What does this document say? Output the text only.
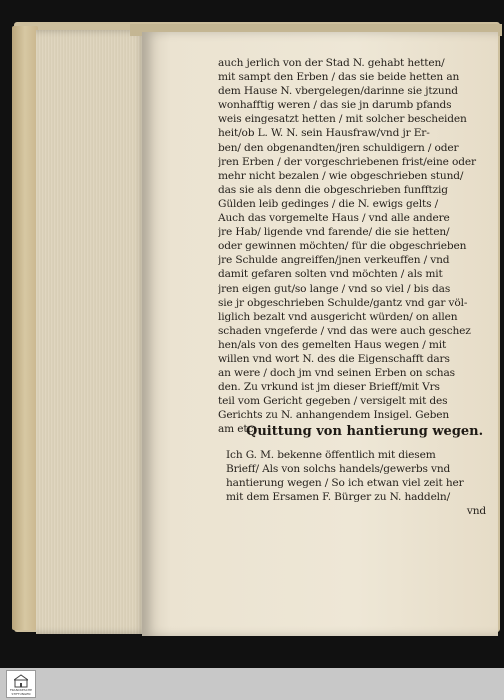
auch jerlich von der Stad N. gehabt hetten/
mit sampt den Erben / das sie beide hetten an
dem Hause N. vbergelegen/darinne sie jtzund
wonhafftig weren / das sie jn darumb pfands
weis eingesatzt hetten / mit solcher bescheiden
heit/ob L. W. N. sein Hausfraw/vnd jr Er-
ben/ den obgenandten/jren schuldigern / oder
jren Erben / der vorgeschriebenen frist/eine oder
mehr nicht bezalen / wie obgeschrieben stund/
das sie als denn die obgeschrieben funfftzig
Gülden leib gedinges / die N. ewigs gelts /
Auch das vorgemelte Haus / vnd alle andere
jre Hab/ ligende vnd farende/ die sie hetten/
oder gewinnen möchten/ für die obgeschrieben
jre Schulde angreiffen/jnen verkeuffen / vnd
damit gefaren solten vnd möchten / als mit
jren eigen gut/so lange / vnd so viel / bis das
sie jr obgeschrieben Schulde/gantz vnd gar völ-
liglich bezalt vnd ausgericht würden/ on allen
schaden vngeferde / vnd das were auch geschez
hen/als von des gemelten Haus wegen / mit
willen vnd wort N. des die Eigenschafft dars
an were / doch jm vnd seinen Erben on schas
den. Zu vrkund ist jm dieser Brieff/mit Vrs
teil vom Gericht gegeben / versigelt mit des
Gerichts zu N. anhangendem Insigel. Geben
am etc.
Quittung von hantierung wegen.
Ich G. M. bekenne öffentlich mit diesem
Brieff/ Als von solchs handels/gewerbs vnd
hantierung wegen / So ich etwan viel zeit her
mit dem Ersamen F. Bürger zu N. haddeln/
vnd
FRANCKESCHE STIFTUNGEN
